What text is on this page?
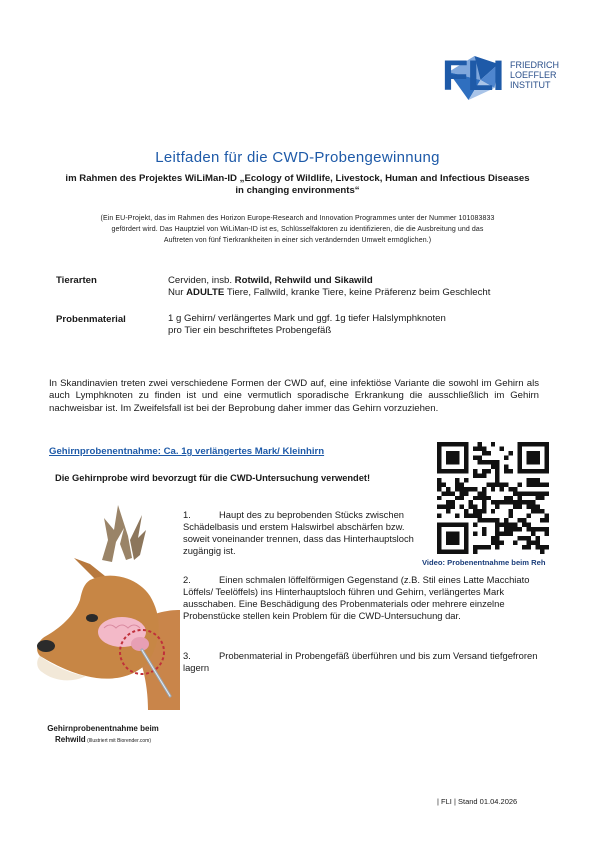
FLI FRIEDRICH
LOEFFLER
INSTITUT
Leitfaden für die CWD-Probengewinnung
im Rahmen des Projektes WiLiMan-ID „Ecology of Wildlife, Livestock, Human and Infectious Diseases in changing environments“
(Ein EU-Projekt, das im Rahmen des Horizon Europe-Research and Innovation Programmes unter der Nummer 101083833
gefördert wird. Das Hauptziel von WiLiMan-ID ist es, Schlüsselfaktoren zu identifizieren, die die Ausbreitung und das
Auftreten von fünf Tierkrankheiten in einer sich verändernden Umwelt ermöglichen.)
Tierarten	Cerviden, insb. Rotwild, Rehwild und Sikawild
Nur ADULTE Tiere, Fallwild, kranke Tiere, keine Präferenz beim Geschlecht
Probenmaterial	1 g Gehirn/ verlängertes Mark und ggf. 1g tiefer Halslymphknoten
pro Tier ein beschriftetes Probengefäß
In Skandinavien treten zwei verschiedene Formen der CWD auf, eine infektiöse Variante die sowohl im Gehirn als auch Lymphknoten zu finden ist und eine vermutlich sporadische Erkrankung die ausschließlich im Gehirn nachweisbar ist. Im Zweifelsfall ist bei der Beprobung daher immer das Gehirn vorzuziehen.
Gehirnprobenentnahme: Ca. 1g verlängertes Mark/ Kleinhirn
Die Gehirnprobe wird bevorzugt für die CWD-Untersuchung verwendet!
Video: Probenentnahme beim Reh
1.	Haupt des zu beprobenden Stücks zwischen Schädelbasis und erstem Halswirbel abschärfen bzw. soweit voneinander trennen, dass das Hinterhauptsloch zugängig ist.
2.	Einen schmalen löffelförmigen Gegenstand (z.B. Stil eines Latte Macchiato Löffels/ Teelöffels) ins Hinterhauptsloch führen und Gehirn, verlängertes Mark ausschaben. Eine Beschädigung des Probenmaterials oder mehrere einzelne Probenstücke stellen kein Problem für die CWD-Untersuchung dar.
3.	Probenmaterial in Probengefäß überführen und bis zum Versand tiefgefroren lagern
Gehirnprobenentnahme beim
Rehwild (Illustriert mit Biorender.com)
| FLI | Stand 01.04.2026
